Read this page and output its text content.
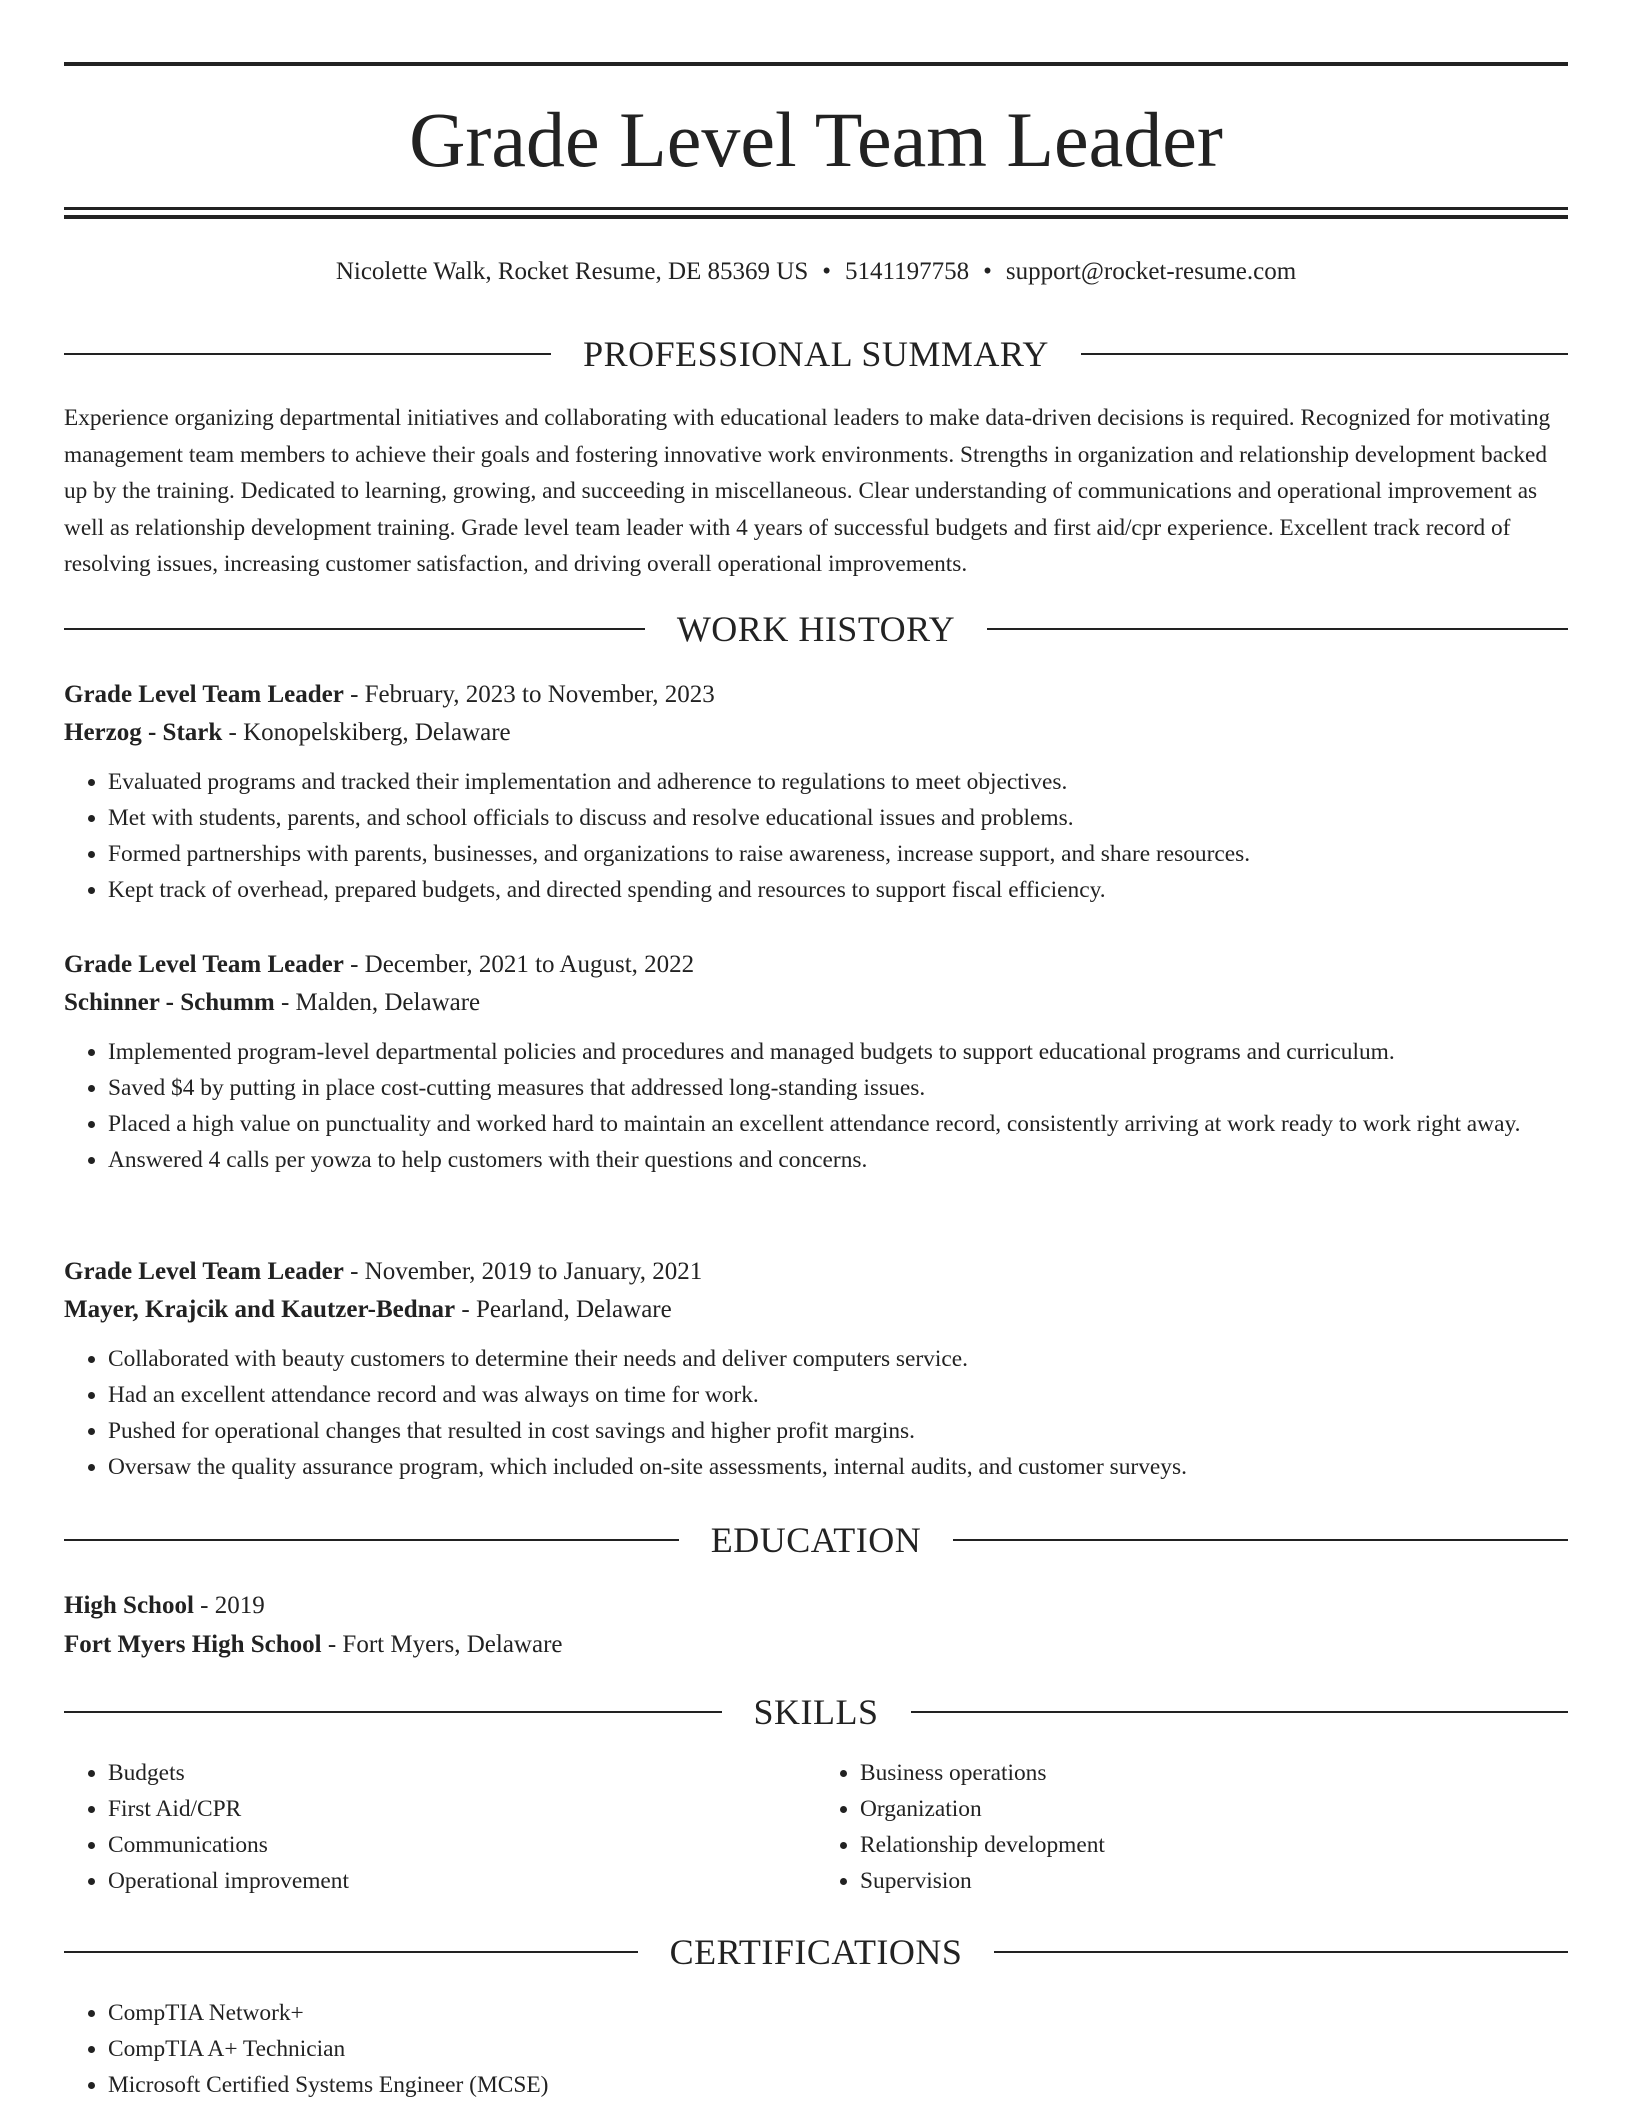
Grade Level Team Leader
Nicolette Walk, Rocket Resume, DE 85369 US • 5141197758 • support@rocket-resume.com
PROFESSIONAL SUMMARY

Experience organizing departmental initiatives and collaborating with educational leaders to make data-driven decisions is required. Recognized for motivating management team members to achieve their goals and fostering innovative work environments. Strengths in organization and relationship development backed up by the training. Dedicated to learning, growing, and succeeding in miscellaneous. Clear understanding of communications and operational improvement as well as relationship development training. Grade level team leader with 4 years of successful budgets and first aid/cpr experience. Excellent track record of resolving issues, increasing customer satisfaction, and driving overall operational improvements.

WORK HISTORY
Grade Level Team Leader - February, 2023 to November, 2023
Herzog - Stark - Konopelskiberg, Delaware
• Evaluated programs and tracked their implementation and adherence to regulations to meet objectives.
• Met with students, parents, and school officials to discuss and resolve educational issues and problems.
• Formed partnerships with parents, businesses, and organizations to raise awareness, increase support, and share resources.
• Kept track of overhead, prepared budgets, and directed spending and resources to support fiscal efficiency.
Grade Level Team Leader - December, 2021 to August, 2022
Schinner - Schumm - Malden, Delaware
• Implemented program-level departmental policies and procedures and managed budgets to support educational programs and curriculum.
• Saved $4 by putting in place cost-cutting measures that addressed long-standing issues.
• Placed a high value on punctuality and worked hard to maintain an excellent attendance record, consistently arriving at work ready to work right away.
• Answered 4 calls per yowza to help customers with their questions and concerns.
Grade Level Team Leader - November, 2019 to January, 2021
Mayer, Krajcik and Kautzer-Bednar - Pearland, Delaware
• Collaborated with beauty customers to determine their needs and deliver computers service.
• Had an excellent attendance record and was always on time for work.
• Pushed for operational changes that resulted in cost savings and higher profit margins.
• Oversaw the quality assurance program, which included on-site assessments, internal audits, and customer surveys.
EDUCATION
High School - 2019
Fort Myers High School - Fort Myers, Delaware
SKILLS
• Budgets
• First Aid/CPR
• Communications
• Operational improvement
• Business operations
• Organization
• Relationship development
• Supervision
CERTIFICATIONS
• CompTIA Network+
• CompTIA A+ Technician
• Microsoft Certified Systems Engineer (MCSE)
